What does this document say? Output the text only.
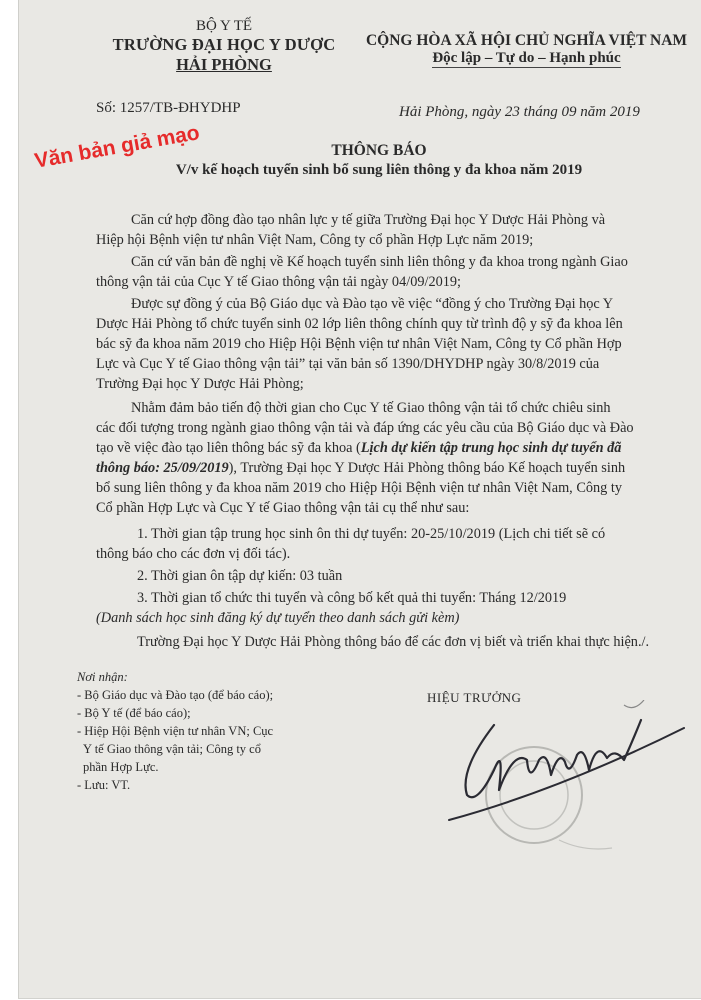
BỘ Y TẾ
TRƯỜNG ĐẠI HỌC Y DƯỢC
HẢI PHÒNG
CỘNG HÒA XÃ HỘI CHỦ NGHĨA VIỆT NAM
Độc lập – Tự do – Hạnh phúc
Số: 1257/TB-ĐHYDHP	Hải Phòng, ngày 23 tháng 09 năm 2019
THÔNG BÁO
V/v kế hoạch tuyển sinh bổ sung liên thông y đa khoa năm 2019
Căn cứ hợp đồng đào tạo nhân lực y tế giữa Trường Đại học Y Dược Hải Phòng và
Hiệp hội Bệnh viện tư nhân Việt Nam, Công ty cổ phần Hợp Lực năm 2019;
Căn cứ văn bản đề nghị về Kế hoạch tuyển sinh liên thông y đa khoa trong ngành Giao
thông vận tải của Cục Y tế Giao thông vận tải ngày 04/09/2019;
Được sự đồng ý của Bộ Giáo dục và Đào tạo về việc “đồng ý cho Trường Đại học Y
Dược Hải Phòng tổ chức tuyển sinh 02 lớp liên thông chính quy từ trình độ y sỹ đa khoa lên
bác sỹ đa khoa năm 2019 cho Hiệp Hội Bệnh viện tư nhân Việt Nam, Công ty Cổ phần Hợp
Lực và Cục Y tế Giao thông vận tải” tại văn bản số 1390/DHYDHP ngày 30/8/2019 của
Trường Đại học Y Dược Hải Phòng;
Nhằm đảm bảo tiến độ thời gian cho Cục Y tế Giao thông vận tải tổ chức chiêu sinh
các đối tượng trong ngành giao thông vận tải và đáp ứng các yêu cầu của Bộ Giáo dục và Đào
tạo về việc đào tạo liên thông bác sỹ đa khoa (Lịch dự kiến tập trung học sinh dự tuyển đã
thông báo: 25/09/2019), Trường Đại học Y Dược Hải Phòng thông báo Kế hoạch tuyển sinh
bổ sung liên thông y đa khoa năm 2019 cho Hiệp Hội Bệnh viện tư nhân Việt Nam, Công ty
Cổ phần Hợp Lực và Cục Y tế Giao thông vận tải cụ thể như sau:
1. Thời gian tập trung học sinh ôn thi dự tuyển: 20-25/10/2019 (Lịch chi tiết sẽ có
thông báo cho các đơn vị đối tác).
2. Thời gian ôn tập dự kiến: 03 tuần
3. Thời gian tổ chức thi tuyển và công bố kết quả thi tuyển: Tháng 12/2019
(Danh sách học sinh đăng ký dự tuyển theo danh sách gửi kèm)
Trường Đại học Y Dược Hải Phòng thông báo để các đơn vị biết và triển khai thực hiện./.
Nơi nhận:
- Bộ Giáo dục và Đào tạo (để báo cáo);
- Bộ Y tế (để báo cáo);
- Hiệp Hội Bệnh viện tư nhân VN; Cục
Y tế Giao thông vận tải; Công ty cổ
phần Hợp Lực.
- Lưu: VT.
HIỆU TRƯỞNG
Văn bản giả mạo
